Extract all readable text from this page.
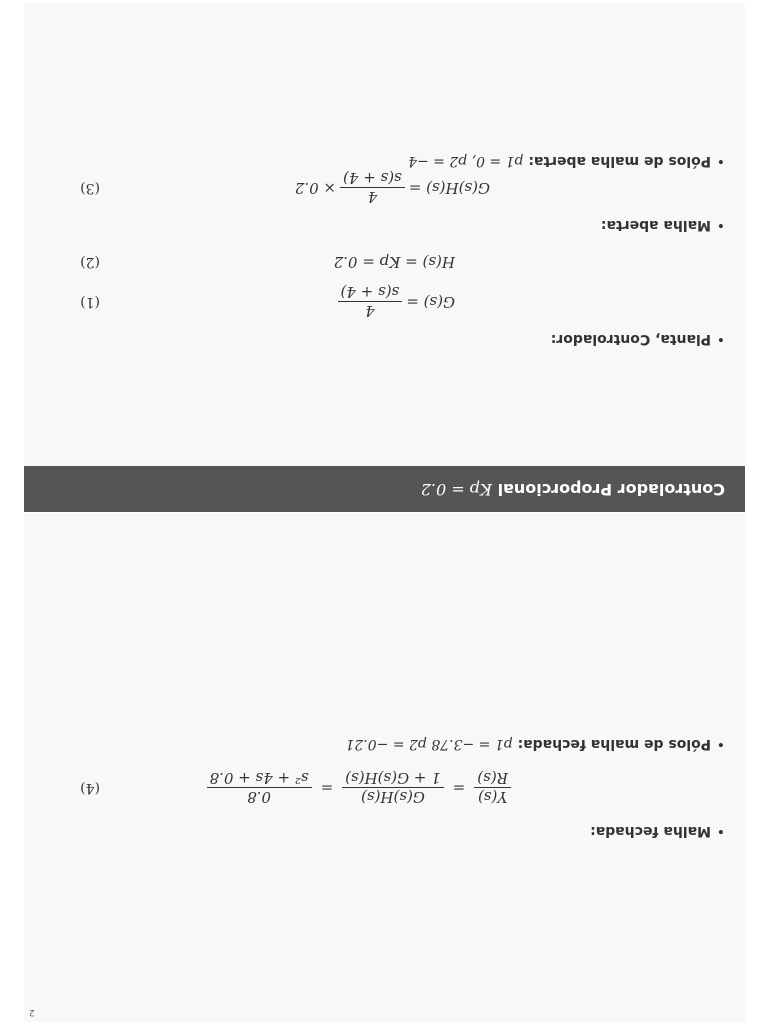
Controlador Proporcional Kp = 0.2
•Planta, Controlador:
G(s) =
4
s(s + 4)
(1)
H(s) = Kp = 0.2
(2)
•Malha aberta:
G(s)H(s) =
4
s(s + 4)
× 0.2
(3)
•Pólos de malha aberta: p1 = 0, p2 = −4
2
•Malha fechada:
Y(s)
R(s)
=
G(s)H(s)
1 + G(s)H(s)
=
0.8
s² + 4s + 0.8
(4)
•Pólos de malha fechada: p1 = −3.78 p2 = −0.21
